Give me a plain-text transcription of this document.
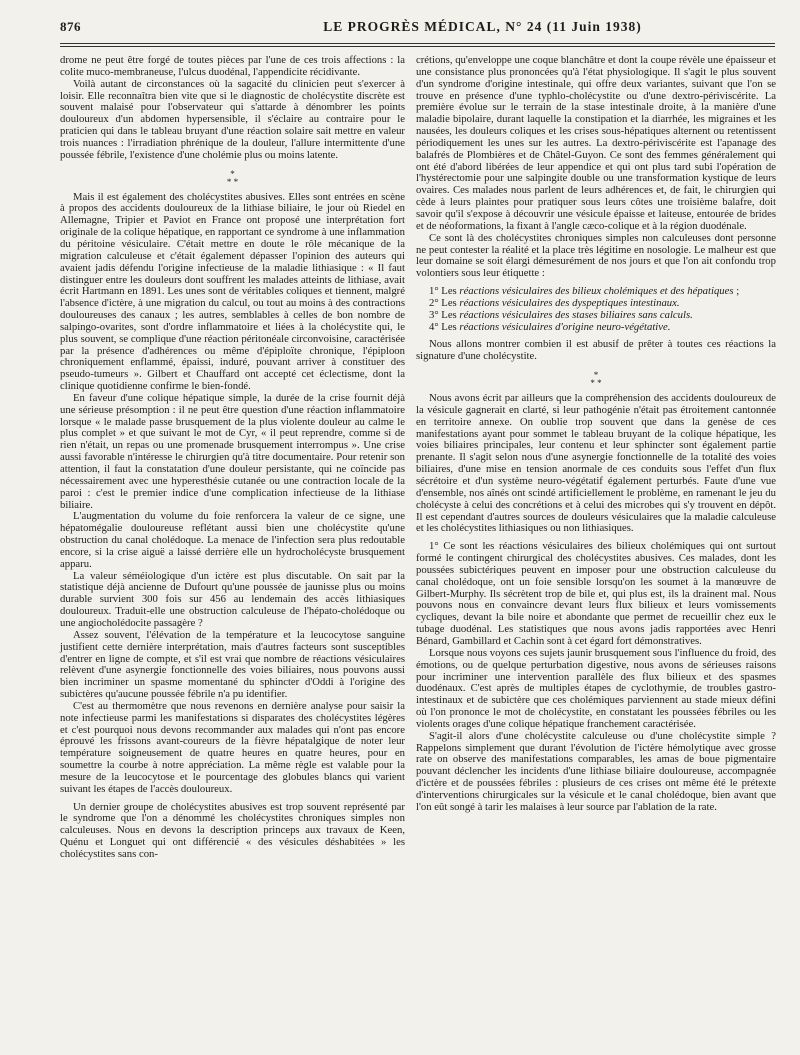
876	LE PROGRÈS MÉDICAL, N° 24 (11 Juin 1938)

drome ne peut être forgé de toutes pièces par l'une de ces trois affections : la colite muco-membraneuse, l'ulcus duodénal, l'appendicite récidivante.

Voilà autant de circonstances où la sagacité du clinicien peut s'exercer à loisir. Elle reconnaîtra bien vite que si le diagnostic de cholécystite discrète est souvent malaisé pour l'observateur qui s'attarde à dénombrer les points douloureux d'un abdomen hypersensible, il s'éclaire au contraire pour le praticien qui dans le tableau bruyant d'une réaction solaire sait mettre en valeur trois nuances : l'irradiation phrénique de la douleur, l'allure intermittente d'une poussée fébrile, l'existence d'une cholémie plus ou moins latente.

*
* *

Mais il est également des cholécystites abusives. Elles sont entrées en scène à propos des accidents douloureux de la lithiase biliaire, le jour où Riedel en Allemagne, Tripier et Paviot en France ont proposé une interprétation fort originale de la colique hépatique, en rapportant ce syndrome à une inflammation du péritoine vésiculaire. C'était mettre en doute le rôle mécanique de la migration calculeuse et c'était également dépasser l'opinion des auteurs qui avaient jadis défendu l'origine infectieuse de la maladie lithiasique : « Il faut distinguer entre les douleurs dont souffrent les malades atteints de lithiase, avait écrit Hartmann en 1891. Les unes sont de véritables coliques et tiennent, malgré l'absence d'ictère, à une migration du calcul, ou tout au moins à des contractions douloureuses des canaux ; les autres, semblables à celles de bon nombre de salpingo-ovarites, sont d'ordre inflammatoire et liées à la cholécystite qui, le plus souvent, se complique d'une réaction péritonéale circonvoisine, caractérisée par la présence d'adhérences ou même d'épiploïte chronique, l'épiploon chroniquement enflammé, épaissi, induré, pouvant arriver à constituer des pseudo-tumeurs ». Gilbert et Chauffard ont accepté cet éclectisme, dont la clinique quotidienne confirme le bien-fondé.

En faveur d'une colique hépatique simple, la durée de la crise fournit déjà une sérieuse présomption : il ne peut être question d'une réaction inflammatoire lorsque « le malade passe brusquement de la plus violente douleur au calme le plus complet » et que suivant le mot de Cyr, « il peut reprendre, comme si de rien n'était, un repas ou une promenade brusquement interrompus ». Une crise aussi favorable n'intéresse le chirurgien qu'à titre documentaire. Pour retenir son attention, il faut la constatation d'une douleur persistante, qui ne coïncide pas nécessairement avec une hyperesthésie cutanée ou une contraction locale de la paroi : c'est le premier indice d'une complication infectieuse de la lithiase biliaire.

L'augmentation du volume du foie renforcera la valeur de ce signe, une hépatomégalie douloureuse reflétant aussi bien une cholécystite qu'une obstruction du canal cholédoque. La menace de l'infection sera plus redoutable encore, si la crise aiguë a laissé derrière elle un hydrocholécyste brusquement apparu.

La valeur séméiologique d'un ictère est plus discutable. On sait par la statistique déjà ancienne de Dufourt qu'une poussée de jaunisse plus ou moins durable survient 300 fois sur 456 au lendemain des accès lithiasiques douloureux. Traduit-elle une obstruction calculeuse de l'hépato-cholédoque ou une angiocholédocite passagère ?

Assez souvent, l'élévation de la température et la leucocytose sanguine justifient cette dernière interprétation, mais d'autres facteurs sont susceptibles d'entrer en ligne de compte, et s'il est vrai que nombre de réactions vésiculaires relèvent d'une asynergie fonctionnelle des voies biliaires, nous pouvons aussi bien incriminer un spasme momentané du sphincter d'Oddi à l'origine des subictères qu'aucune poussée fébrile n'a pu identifier.

C'est au thermomètre que nous revenons en dernière analyse pour saisir la note infectieuse parmi les manifestations si disparates des cholécystites légères et c'est pourquoi nous devons recommander aux malades qui n'ont pas encore éprouvé les frissons avant-coureurs de la fièvre hépatalgique de noter leur température soigneusement de quatre heures en quatre heures, pour en soumettre la courbe à notre appréciation. La même règle est valable pour la mesure de la leucocytose et le pourcentage des globules blancs qui varient suivant les étapes de l'accès douloureux.

Un dernier groupe de cholécystites abusives est trop souvent représenté par le syndrome que l'on a dénommé les cholécystites chroniques simples non calculeuses. Nous en devons la description princeps aux travaux de Keen, Quénu et Longuet qui ont différencié « des vésicules déshabitées » les cholécystites sans con-

crétions, qu'enveloppe une coque blanchâtre et dont la coupe révèle une épaisseur et une consistance plus prononcées qu'à l'état physiologique. Il s'agit le plus souvent d'un syndrome d'origine intestinale, qui offre deux variantes, suivant que l'on se trouve en présence d'une typhlo-cholécystite ou d'une dextro-périviscérite. La première évolue sur le terrain de la stase intestinale droite, à la manière d'une maladie bipolaire, durant laquelle la constipation et la diarrhée, les migraines et les nausées, les douleurs coliques et les crises sous-hépatiques alternent ou retentissent périodiquement les unes sur les autres. La dextro-périviscérite est l'apanage des balafrés de Plombières et de Châtel-Guyon. Ce sont des femmes généralement qui ont été d'abord libérées de leur appendice et qui ont plus tard subi l'opération de l'hystérectomie pour une salpingite double ou une transformation kystique de leurs ovaires. Ces malades nous parlent de leurs adhérences et, de fait, le chirurgien qui cède à leurs plaintes pour pratiquer sous leurs côtes une troisième balafre, doit savoir qu'il s'expose à découvrir une vésicule épaisse et laiteuse, entourée de brides et de néoformations, la fixant à l'angle cæco-colique et à la région duodénale.

Ce sont là des cholécystites chroniques simples non calculeuses dont personne ne peut contester la réalité et la place très légitime en nosologie. Le malheur est que leur domaine se soit élargi démesurément de nos jours et que l'on ait confondu trop volontiers sous leur étiquette :

1° Les réactions vésiculaires des bilieux cholémiques et des hépatiques ;

2° Les réactions vésiculaires des dyspeptiques intestinaux.

3° Les réactions vésiculaires des stases biliaires sans calculs.

4° Les réactions vésiculaires d'origine neuro-végétative.

Nous allons montrer combien il est abusif de prêter à toutes ces réactions la signature d'une cholécystite.

*
* *

Nous avons écrit par ailleurs que la compréhension des accidents douloureux de la vésicule gagnerait en clarté, si leur pathogénie n'était pas étroitement cantonnée en territoire annexe. On oublie trop souvent que dans la genèse de ces manifestations ayant pour sommet le tableau bruyant de la colique hépatique, les voies biliaires principales, leur contenu et leur sphincter sont également partie prenante. Il s'agit selon nous d'une asynergie fonctionnelle de la totalité des voies biliaires, d'une mise en tension anormale de ces conduits sous l'effet d'un flux sécrétoire et d'un système neuro-végétatif également perturbés. Faute d'une vue d'ensemble, nos aînés ont scindé artificiellement le problème, en ramenant le jeu du cholécyste à celui des concrétions et à celui des microbes qui s'y trouvent en dépôt. Il est cependant d'autres sources de douleurs vésiculaires que la maladie calculeuse et les cholécystites lithiasiques ou non lithiasiques.

1° Ce sont les réactions vésiculaires des bilieux cholémiques qui ont surtout formé le contingent chirurgical des cholécystites abusives. Ces malades, dont les poussées subictériques peuvent en imposer pour une obstruction calculeuse du canal cholédoque, ont un foie sensible lorsqu'on les soumet à la manœuvre de Gilbert-Murphy. Ils sécrètent trop de bile et, qui plus est, ils la drainent mal. Nous pouvons nous en convaincre devant leurs flux bilieux et leurs vomissements cycliques, devant la bile noire et abondante que permet de recueillir chez eux le tubage duodénal. Les statistiques que nous avons jadis rapportées avec Henri Bénard, Gambillard et Cachin sont à cet égard fort démonstratives.

Lorsque nous voyons ces sujets jaunir brusquement sous l'influence du froid, des émotions, ou de quelque perturbation digestive, nous avons de sérieuses raisons pour incriminer une intervention parallèle des flux bilieux et des spasmes duodénaux. C'est après de multiples étapes de cyclothymie, de troubles gastro-intestinaux et de subictère que ces cholémiques parviennent au stade mieux défini où l'on prononce le mot de cholécystite, en constatant les poussées fébriles ou les violents orages d'une colique hépatique franchement caractérisée.

S'agit-il alors d'une cholécystite calculeuse ou d'une cholécystite simple ? Rappelons simplement que durant l'évolution de l'ictère hémolytique avec grosse rate on observe des manifestations comparables, les amas de boue pigmentaire pouvant déclencher les incidents d'une lithiase biliaire douloureuse, accompagnée d'ictère et de poussées fébriles : plusieurs de ces crises ont même été le prétexte d'interventions chirurgicales sur la vésicule et le canal cholédoque, bien avant que l'on eût songé à tarir les malaises à leur source par l'ablation de la rate.
